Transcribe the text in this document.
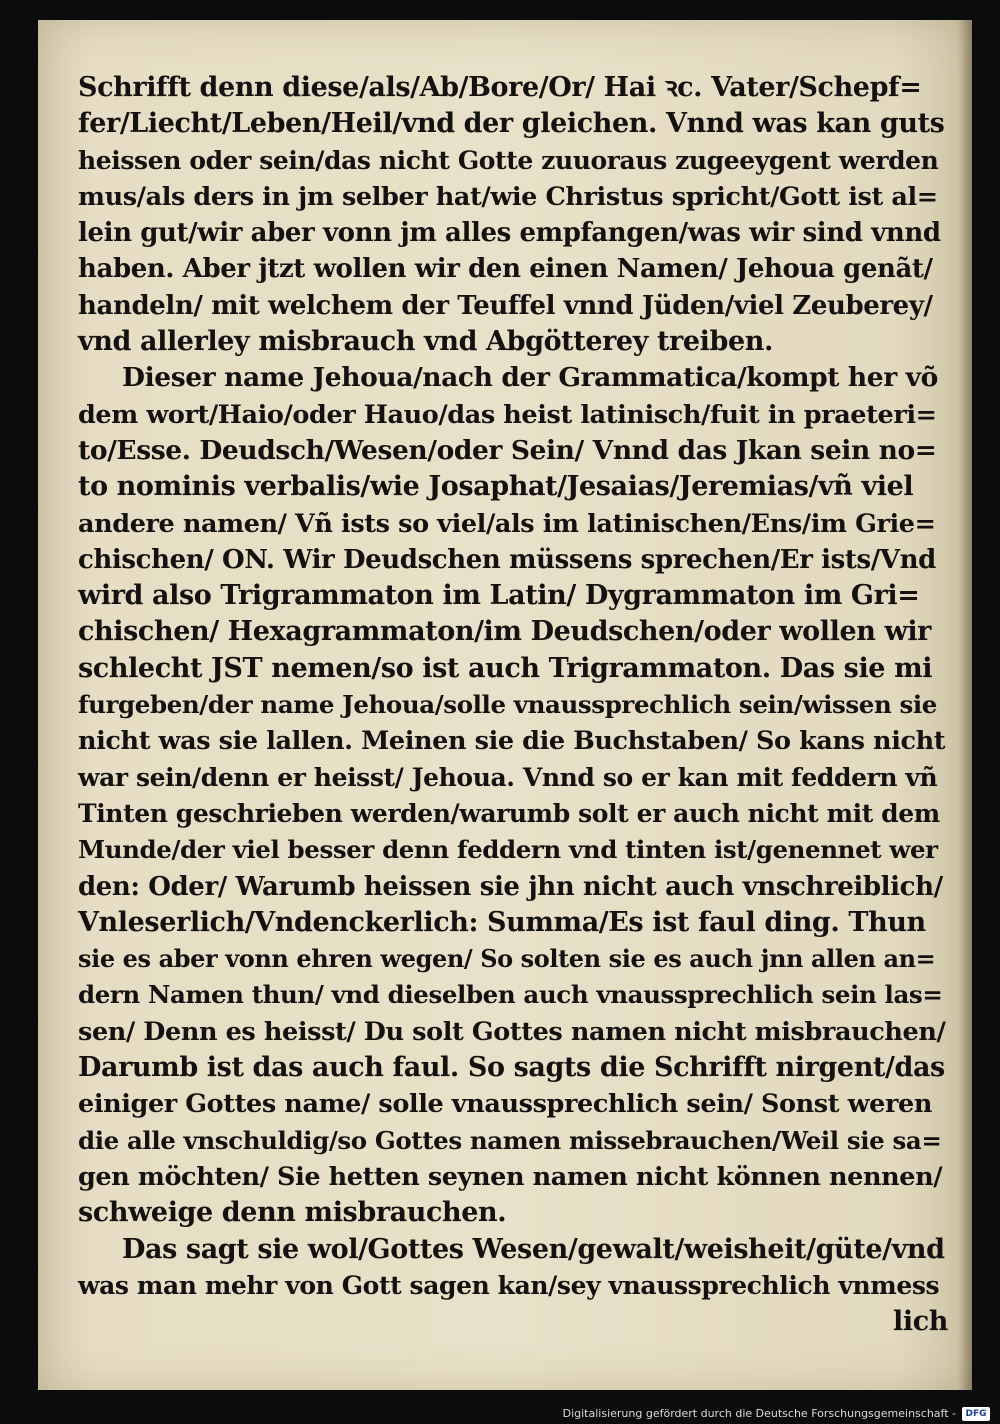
Schrifft denn diese/als/Ab/Bore/Or/ Hai ꝛc. Vater/Schepf=
fer/Liecht/Leben/Heil/vnd der gleichen. Vnnd was kan guts
heissen oder sein/das nicht Gotte zuuoraus zugeeygent werden
mus/als ders in jm selber hat/wie Christus spricht/Gott ist al=
lein gut/wir aber vonn jm alles empfangen/was wir sind vnnd
haben. Aber jtzt wollen wir den einen Namen/ Jehoua genãt/
handeln/ mit welchem der Teuffel vnnd Jüden/viel Zeuberey/
vnd allerley misbrauch vnd Abgötterey treiben.
Dieser name Jehoua/nach der Grammatica/kompt her võ
dem wort/Haio/oder Hauo/das heist latinisch/fuit in praeteri=
to/Esse. Deudsch/Wesen/oder Sein/ Vnnd das Jkan sein no=
to nominis verbalis/wie Josaphat/Jesaias/Jeremias/vñ viel
andere namen/ Vñ ists so viel/als im latinischen/Ens/im Grie=
chischen/ ON. Wir Deudschen müssens sprechen/Er ists/Vnd
wird also Trigrammaton im Latin/ Dygrammaton im Gri=
chischen/ Hexagrammaton/im Deudschen/oder wollen wir
schlecht JST nemen/so ist auch Trigrammaton. Das sie mi
furgeben/der name Jehoua/solle vnaussprechlich sein/wissen sie
nicht was sie lallen. Meinen sie die Buchstaben/ So kans nicht
war sein/denn er heisst/ Jehoua. Vnnd so er kan mit feddern vñ
Tinten geschrieben werden/warumb solt er auch nicht mit dem
Munde/der viel besser denn feddern vnd tinten ist/genennet wer
den: Oder/ Warumb heissen sie jhn nicht auch vnschreiblich/
Vnleserlich/Vndenckerlich: Summa/Es ist faul ding. Thun
sie es aber vonn ehren wegen/ So solten sie es auch jnn allen an=
dern Namen thun/ vnd dieselben auch vnaussprechlich sein las=
sen/ Denn es heisst/ Du solt Gottes namen nicht misbrauchen/
Darumb ist das auch faul. So sagts die Schrifft nirgent/das
einiger Gottes name/ solle vnaussprechlich sein/ Sonst weren
die alle vnschuldig/so Gottes namen missebrauchen/Weil sie sa=
gen möchten/ Sie hetten seynen namen nicht können nennen/
schweige denn misbrauchen.
Das sagt sie wol/Gottes Wesen/gewalt/weisheit/güte/vnd
was man mehr von Gott sagen kan/sey vnaussprechlich vnmess
lich
Digitalisierung gefördert durch die Deutsche Forschungsgemeinschaft -	DFG
